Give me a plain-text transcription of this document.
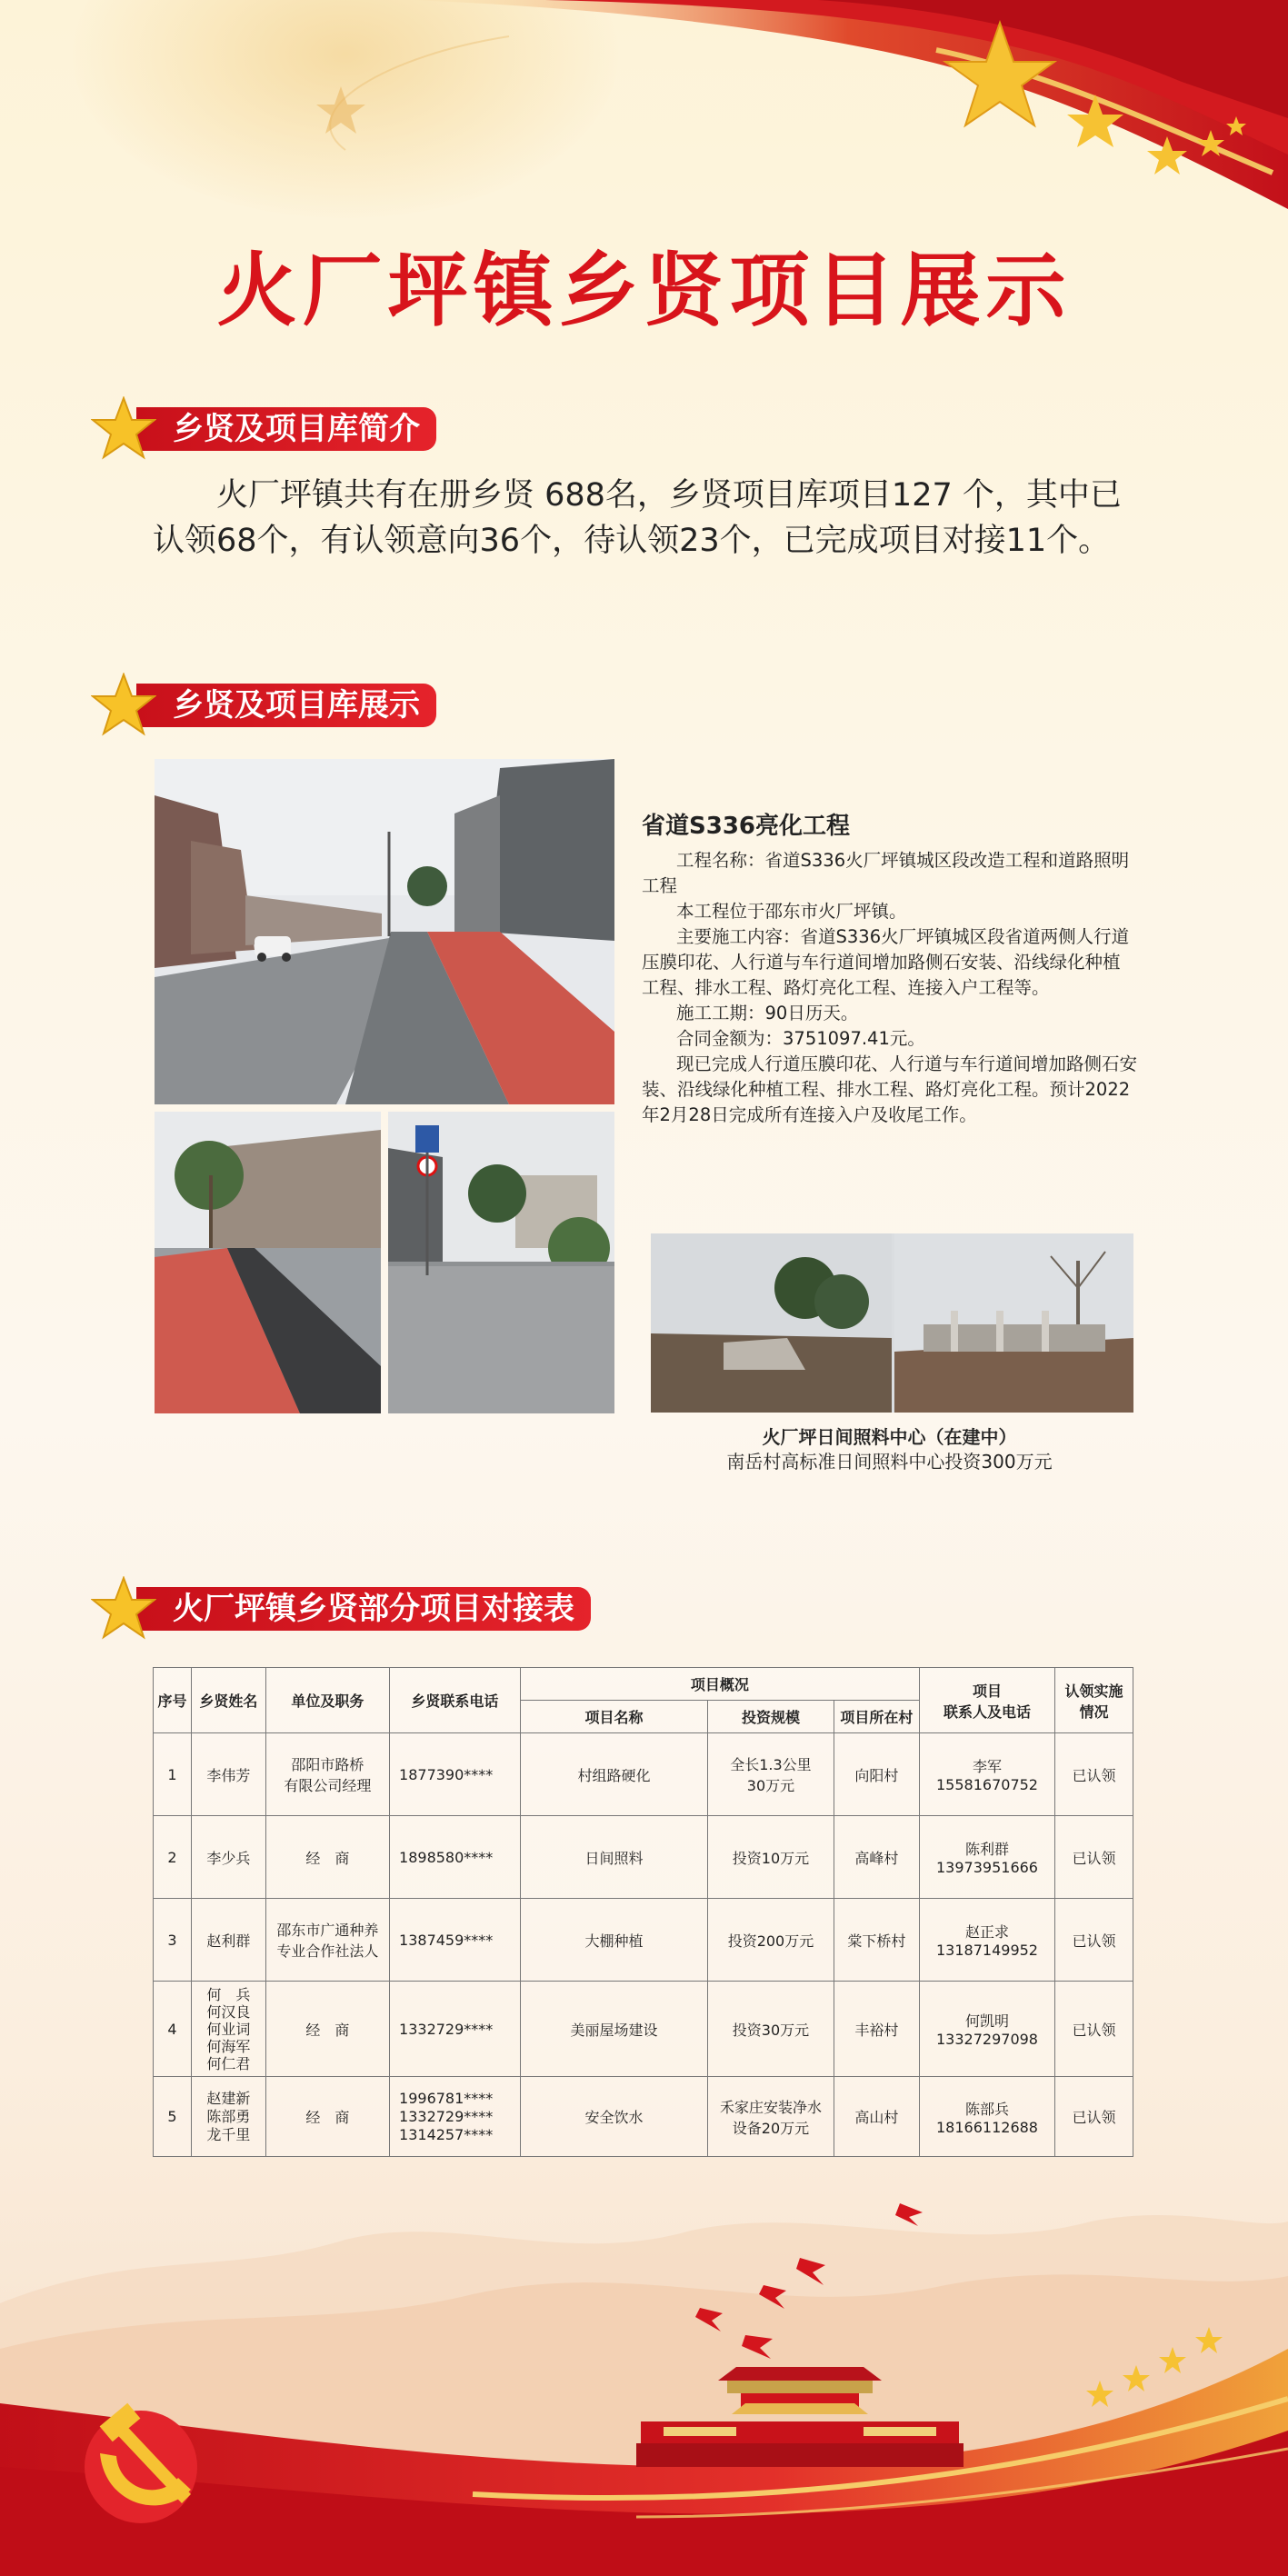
火厂坪镇乡贤项目展示
乡贤及项目库简介

火厂坪镇共有在册乡贤 688名，乡贤项目库项目127 个，其中已认领68个，有认领意向36个，待认领23个，已完成项目对接11个。

乡贤及项目库展示
省道S336亮化工程

工程名称：省道S336火厂坪镇城区段改造工程和道路照明工程

本工程位于邵东市火厂坪镇。

主要施工内容：省道S336火厂坪镇城区段省道两侧人行道压膜印花、人行道与车行道间增加路侧石安装、沿线绿化种植工程、排水工程、路灯亮化工程、连接入户工程等。

施工工期：90日历天。

合同金额为：3751097.41元。

现已完成人行道压膜印花、人行道与车行道间增加路侧石安装、沿线绿化种植工程、排水工程、路灯亮化工程。预计2022年2月28日完成所有连接入户及收尾工作。

火厂坪日间照料中心（在建中）
南岳村高标准日间照料中心投资300万元
火厂坪镇乡贤部分项目对接表
序号	乡贤姓名	单位及职务	乡贤联系电话	项目概况			项目
联系人及电话	认领实施
情况
				项目名称	投资规模	项目所在村		
1	李伟芳	邵阳市路桥
有限公司经理	1877390****	村组路硬化	全长1.3公里
30万元	向阳村	李军
15581670752	已认领
2	李少兵	经　商	1898580****	日间照料	投资10万元	高峰村	陈利群
13973951666	已认领
3	赵利群	邵东市广通种养
专业合作社法人	1387459****	大棚种植	投资200万元	棠下桥村	赵正求
13187149952	已认领
4	何　兵
何汉良
何业词
何海军
何仁君	经　商	1332729****	美丽屋场建设	投资30万元	丰裕村	何凯明
13327297098	已认领
5	赵建新
陈部勇
龙千里	经　商	1996781****
1332729****
1314257****	安全饮水	禾家庄安装净水
设备20万元	高山村	陈部兵
18166112688	已认领
